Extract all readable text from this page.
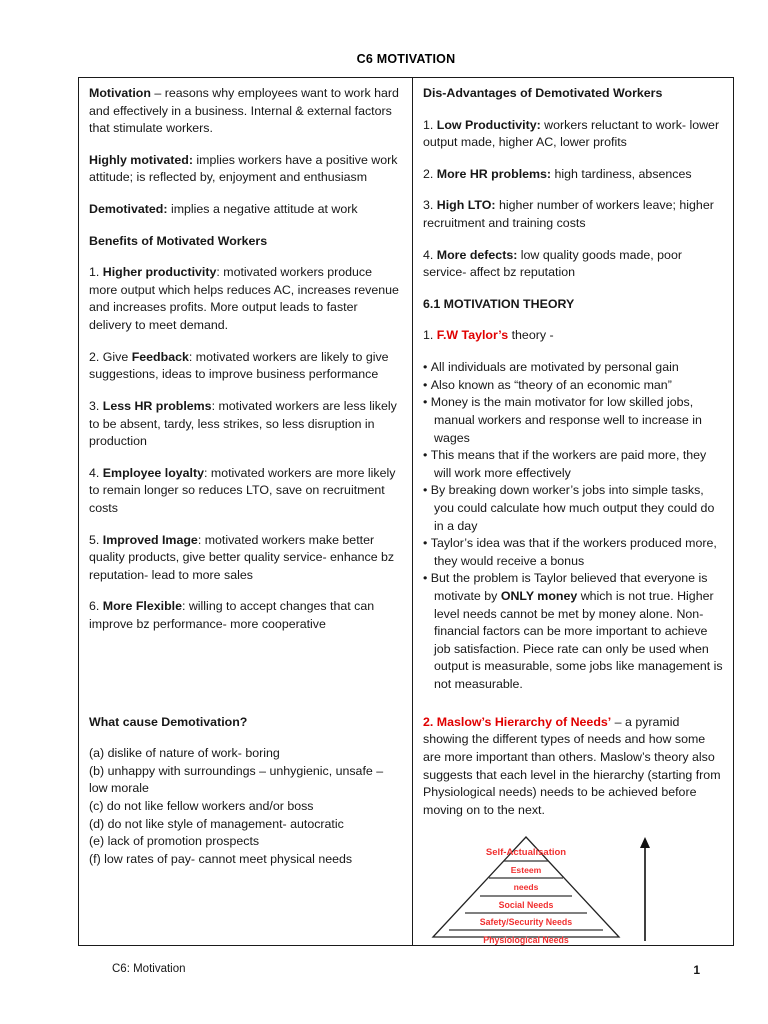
C6 MOTIVATION

Motivation – reasons why employees want to work hard and effectively in a business. Internal & external factors that stimulate workers.

Highly motivated: implies workers have a positive work attitude; is reflected by, enjoyment and enthusiasm

Demotivated: implies a negative attitude at work

Benefits of Motivated Workers

1. Higher productivity: motivated workers produce more output which helps reduces AC, increases revenue and increases profits. More output leads to faster delivery to meet demand.

2. Give Feedback: motivated workers are likely to give suggestions, ideas to improve business performance

3. Less HR problems: motivated workers are less likely to be absent, tardy, less strikes, so less disruption in production

4. Employee loyalty: motivated workers are more likely to remain longer so reduces LTO, save on recruitment costs

5. Improved Image: motivated workers make better quality products, give better quality service- enhance bz reputation- lead to more sales

6. More Flexible: willing to accept changes that can improve bz performance- more cooperative

What cause Demotivation?

(a) dislike of nature of work- boring
(b) unhappy with surroundings – unhygienic, unsafe – low morale
(c) do not like fellow workers and/or boss
(d) do not like style of management- autocratic
(e) lack of promotion prospects
(f) low rates of pay- cannot meet physical needs

Dis-Advantages of Demotivated Workers

1. Low Productivity: workers reluctant to work- lower output made, higher AC, lower profits

2. More HR problems: high tardiness, absences

3. High LTO: higher number of workers leave; higher recruitment and training costs

4. More defects: low quality goods made, poor service- affect bz reputation

6.1 MOTIVATION THEORY

1. F.W Taylor’s theory -

• All individuals are motivated by personal gain
• Also known as “theory of an economic man”
• Money is the main motivator for low skilled jobs, manual workers and response well to increase in wages
• This means that if the workers are paid more, they will work more effectively
• By breaking down worker’s jobs into simple tasks, you could calculate how much output they could do in a day
• Taylor’s idea was that if the workers produced more, they would receive a bonus
• But the problem is Taylor believed that everyone is motivate by ONLY money which is not true. Higher level needs cannot be met by money alone. Non-financial factors can be more important to achieve job satisfaction. Piece rate can only be used when output is measurable, some jobs like management is not measurable.

2. Maslow’s Hierarchy of Needs’ – a pyramid showing the different types of needs and how some are more important than others. Maslow’s theory also suggests that each level in the hierarchy (starting from Physiological needs) needs to be achieved before moving on to the next.

Self-Actualisation
Esteem
needs
Social Needs
Safety/Security Needs
Physiological Needs
C6: Motivation	1
